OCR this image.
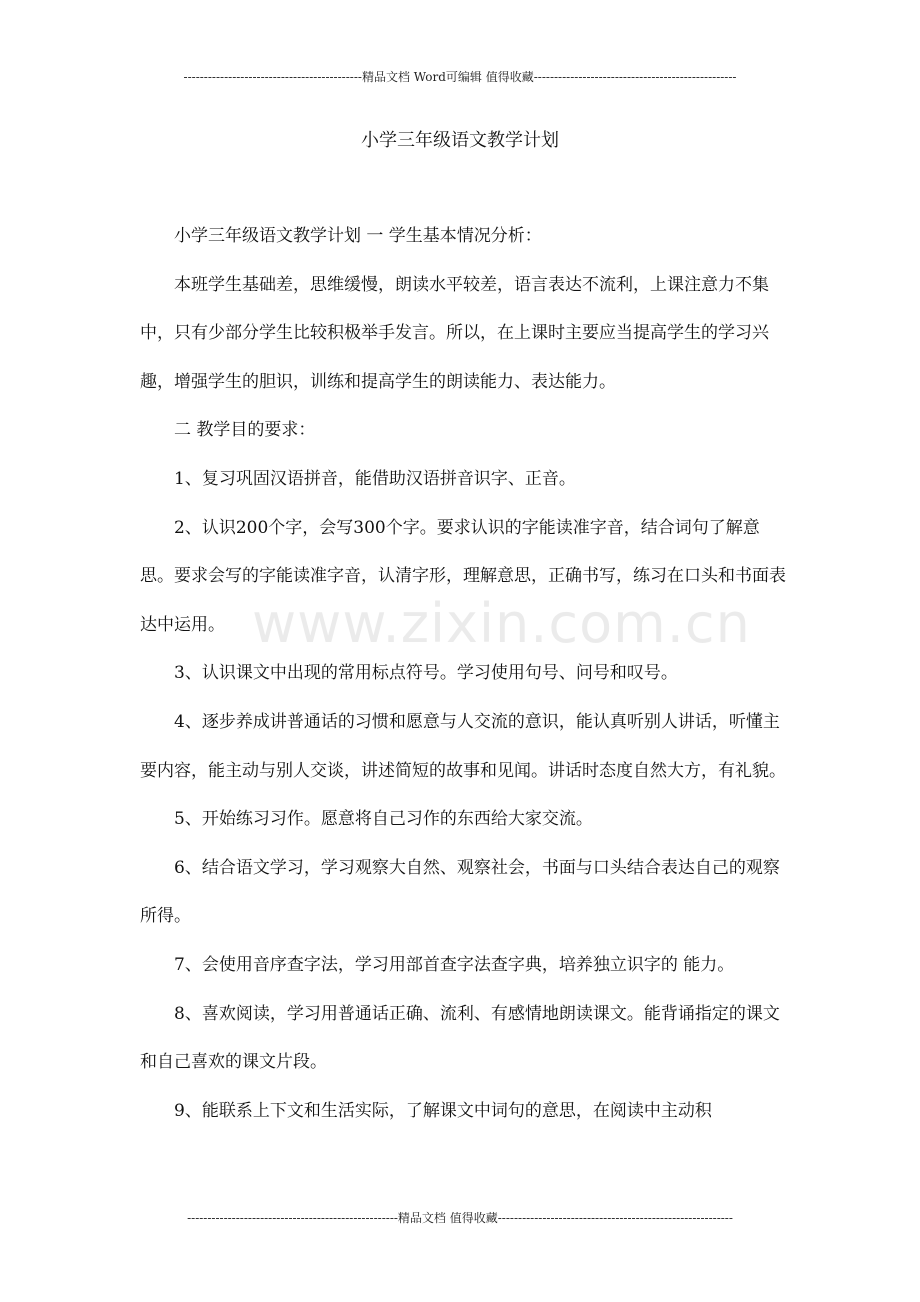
--------------------------------------------精品文档 Word可编辑 值得收藏--------------------------------------------------
小学三年级语文教学计划

小学三年级语文教学计划 一 学生基本情况分析：

本班学生基础差，思维缓慢，朗读水平较差，语言表达不流利，上课注意力不集中，只有少部分学生比较积极举手发言。所以，在上课时主要应当提高学生的学习兴趣，增强学生的胆识，训练和提高学生的朗读能力、表达能力。

二 教学目的要求：

1、复习巩固汉语拼音，能借助汉语拼音识字、正音。

2、认识200个字，会写300个字。要求认识的字能读准字音，结合词句了解意思。要求会写的字能读准字音，认清字形，理解意思，正确书写，练习在口头和书面表达中运用。

3、认识课文中出现的常用标点符号。学习使用句号、问号和叹号。

4、逐步养成讲普通话的习惯和愿意与人交流的意识，能认真听别人讲话，听懂主要内容，能主动与别人交谈，讲述简短的故事和见闻。讲话时态度自然大方，有礼貌。

5、开始练习习作。愿意将自己习作的东西给大家交流。

6、结合语文学习，学习观察大自然、观察社会，书面与口头结合表达自己的观察所得。

7、会使用音序查字法，学习用部首查字法查字典，培养独立识字的 能力。

8、喜欢阅读，学习用普通话正确、流利、有感情地朗读课文。能背诵指定的课文和自己喜欢的课文片段。

9、能联系上下文和生活实际，了解课文中词句的意思，在阅读中主动积

www.zixin.com.cn
----------------------------------------------------精品文档 值得收藏----------------------------------------------------------
